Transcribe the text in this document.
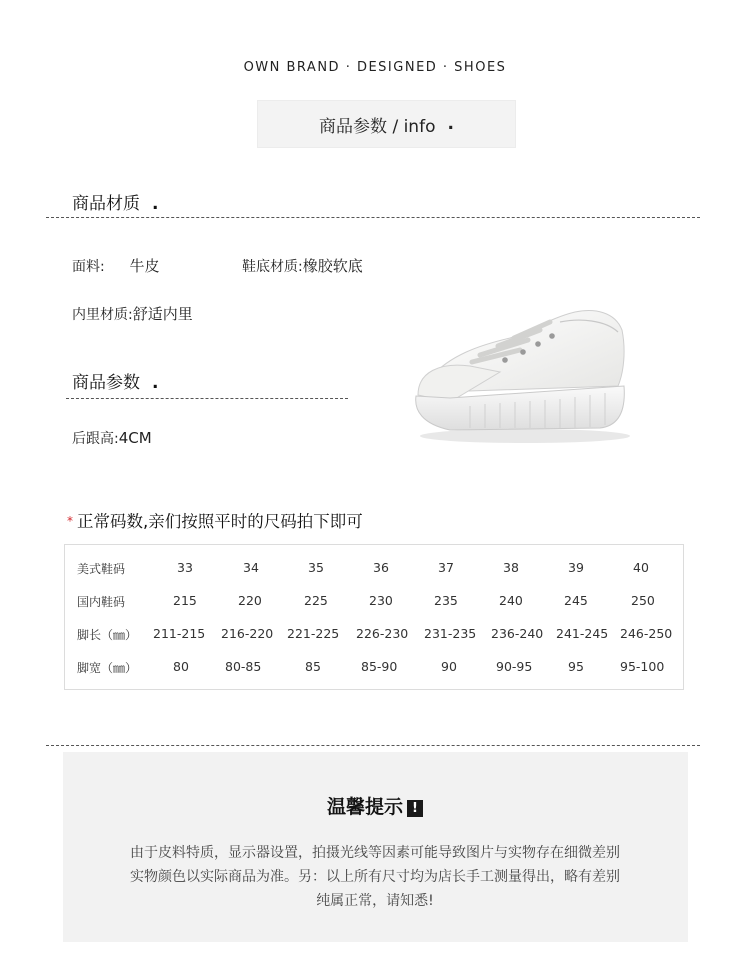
OWN BRAND · DESIGNED · SHOES
商品参数 / info .
商品材质 .
面料: 牛皮	鞋底材质:橡胶软底
内里材质:舒适内里
商品参数 .
后跟高:4CM
* 正常码数,亲们按照平时的尺码拍下即可
美式鞋码	33	34	35	36	37	38	39	40
国内鞋码	215	220	225	230	235	240	245	250
脚长（㎜） 211-215 216-220 221-225 226-230 231-235 236-240 241-245 246-250
脚宽（㎜）	80	80-85	85	85-90	90	90-95	95	95-100
温馨提示 !
由于皮料特质，显示器设置，拍摄光线等因素可能导致图片与实物存在细微差别
实物颜色以实际商品为准。另：以上所有尺寸均为店长手工测量得出，略有差别
纯属正常，请知悉!
